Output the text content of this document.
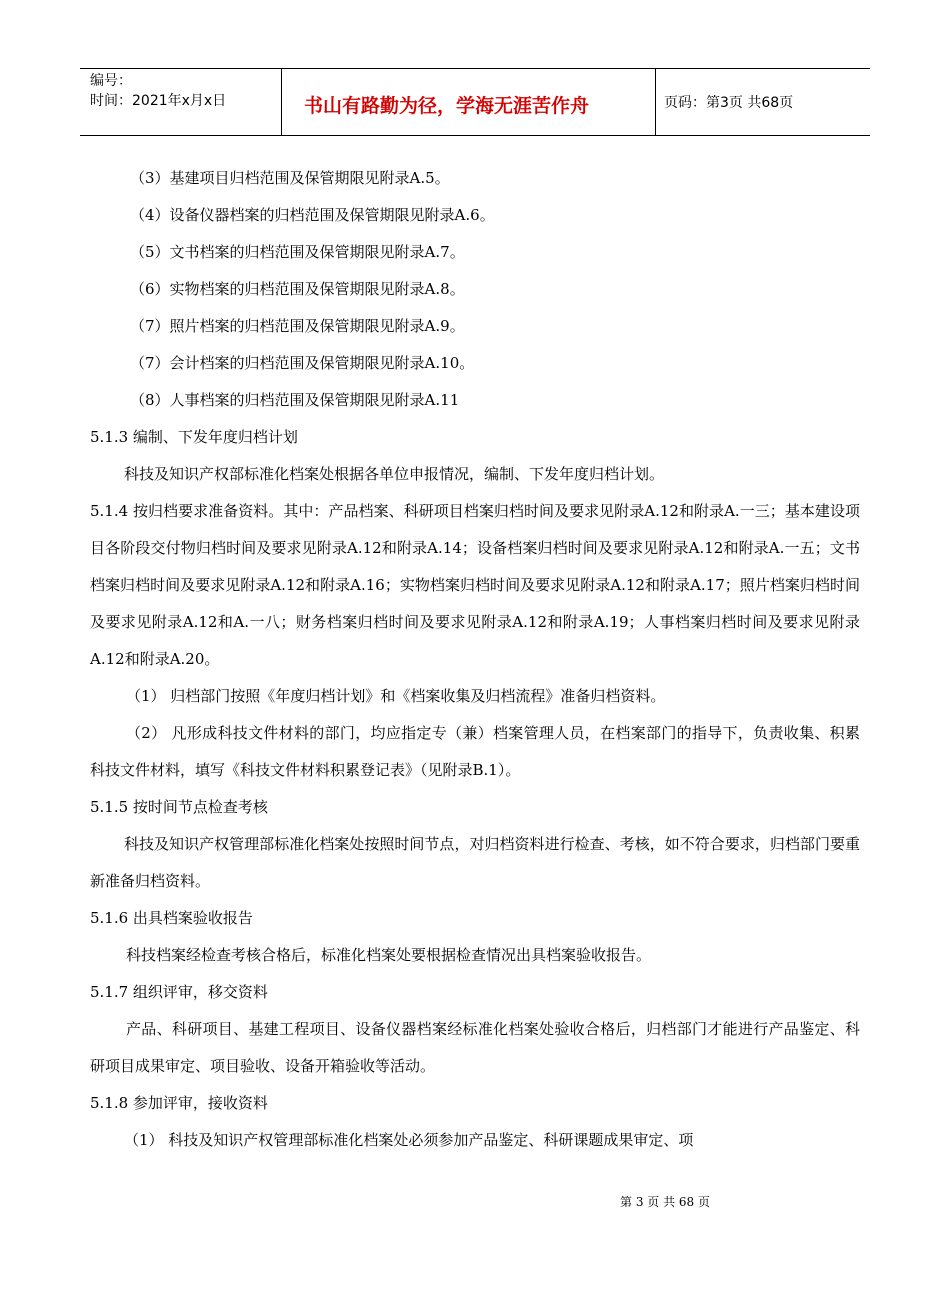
编号：
时间：2021年x月x日	书山有路勤为径，学海无涯苦作舟	页码：第3页 共68页
（3）基建项目归档范围及保管期限见附录A.5。
（4）设备仪器档案的归档范围及保管期限见附录A.6。
（5）文书档案的归档范围及保管期限见附录A.7。
（6）实物档案的归档范围及保管期限见附录A.8。
（7）照片档案的归档范围及保管期限见附录A.9。
（7）会计档案的归档范围及保管期限见附录A.10。
（8）人事档案的归档范围及保管期限见附录A.11
5.1.3 编制、下发年度归档计划
科技及知识产权部标准化档案处根据各单位申报情况，编制、下发年度归档计划。
5.1.4 按归档要求准备资料。其中：产品档案、科研项目档案归档时间及要求见附录A.12和附录A.一三；基本建设项目各阶段交付物归档时间及要求见附录A.12和附录A.14；设备档案归档时间及要求见附录A.12和附录A.一五；文书档案归档时间及要求见附录A.12和附录A.16；实物档案归档时间及要求见附录A.12和附录A.17；照片档案归档时间及要求见附录A.12和A.一八；财务档案归档时间及要求见附录A.12和附录A.19；人事档案归档时间及要求见附录A.12和附录A.20。
（1） 归档部门按照《年度归档计划》和《档案收集及归档流程》准备归档资料。
（2） 凡形成科技文件材料的部门，均应指定专（兼）档案管理人员，在档案部门的指导下，负责收集、积累科技文件材料，填写《科技文件材料积累登记表》（见附录B.1）。
5.1.5 按时间节点检查考核
科技及知识产权管理部标准化档案处按照时间节点，对归档资料进行检查、考核，如不符合要求，归档部门要重新准备归档资料。
5.1.6 出具档案验收报告
科技档案经检查考核合格后，标准化档案处要根据检查情况出具档案验收报告。
5.1.7 组织评审，移交资料
产品、科研项目、基建工程项目、设备仪器档案经标准化档案处验收合格后，归档部门才能进行产品鉴定、科研项目成果审定、项目验收、设备开箱验收等活动。
5.1.8 参加评审，接收资料
（1） 科技及知识产权管理部标准化档案处必须参加产品鉴定、科研课题成果审定、项
第 3 页 共 68 页
